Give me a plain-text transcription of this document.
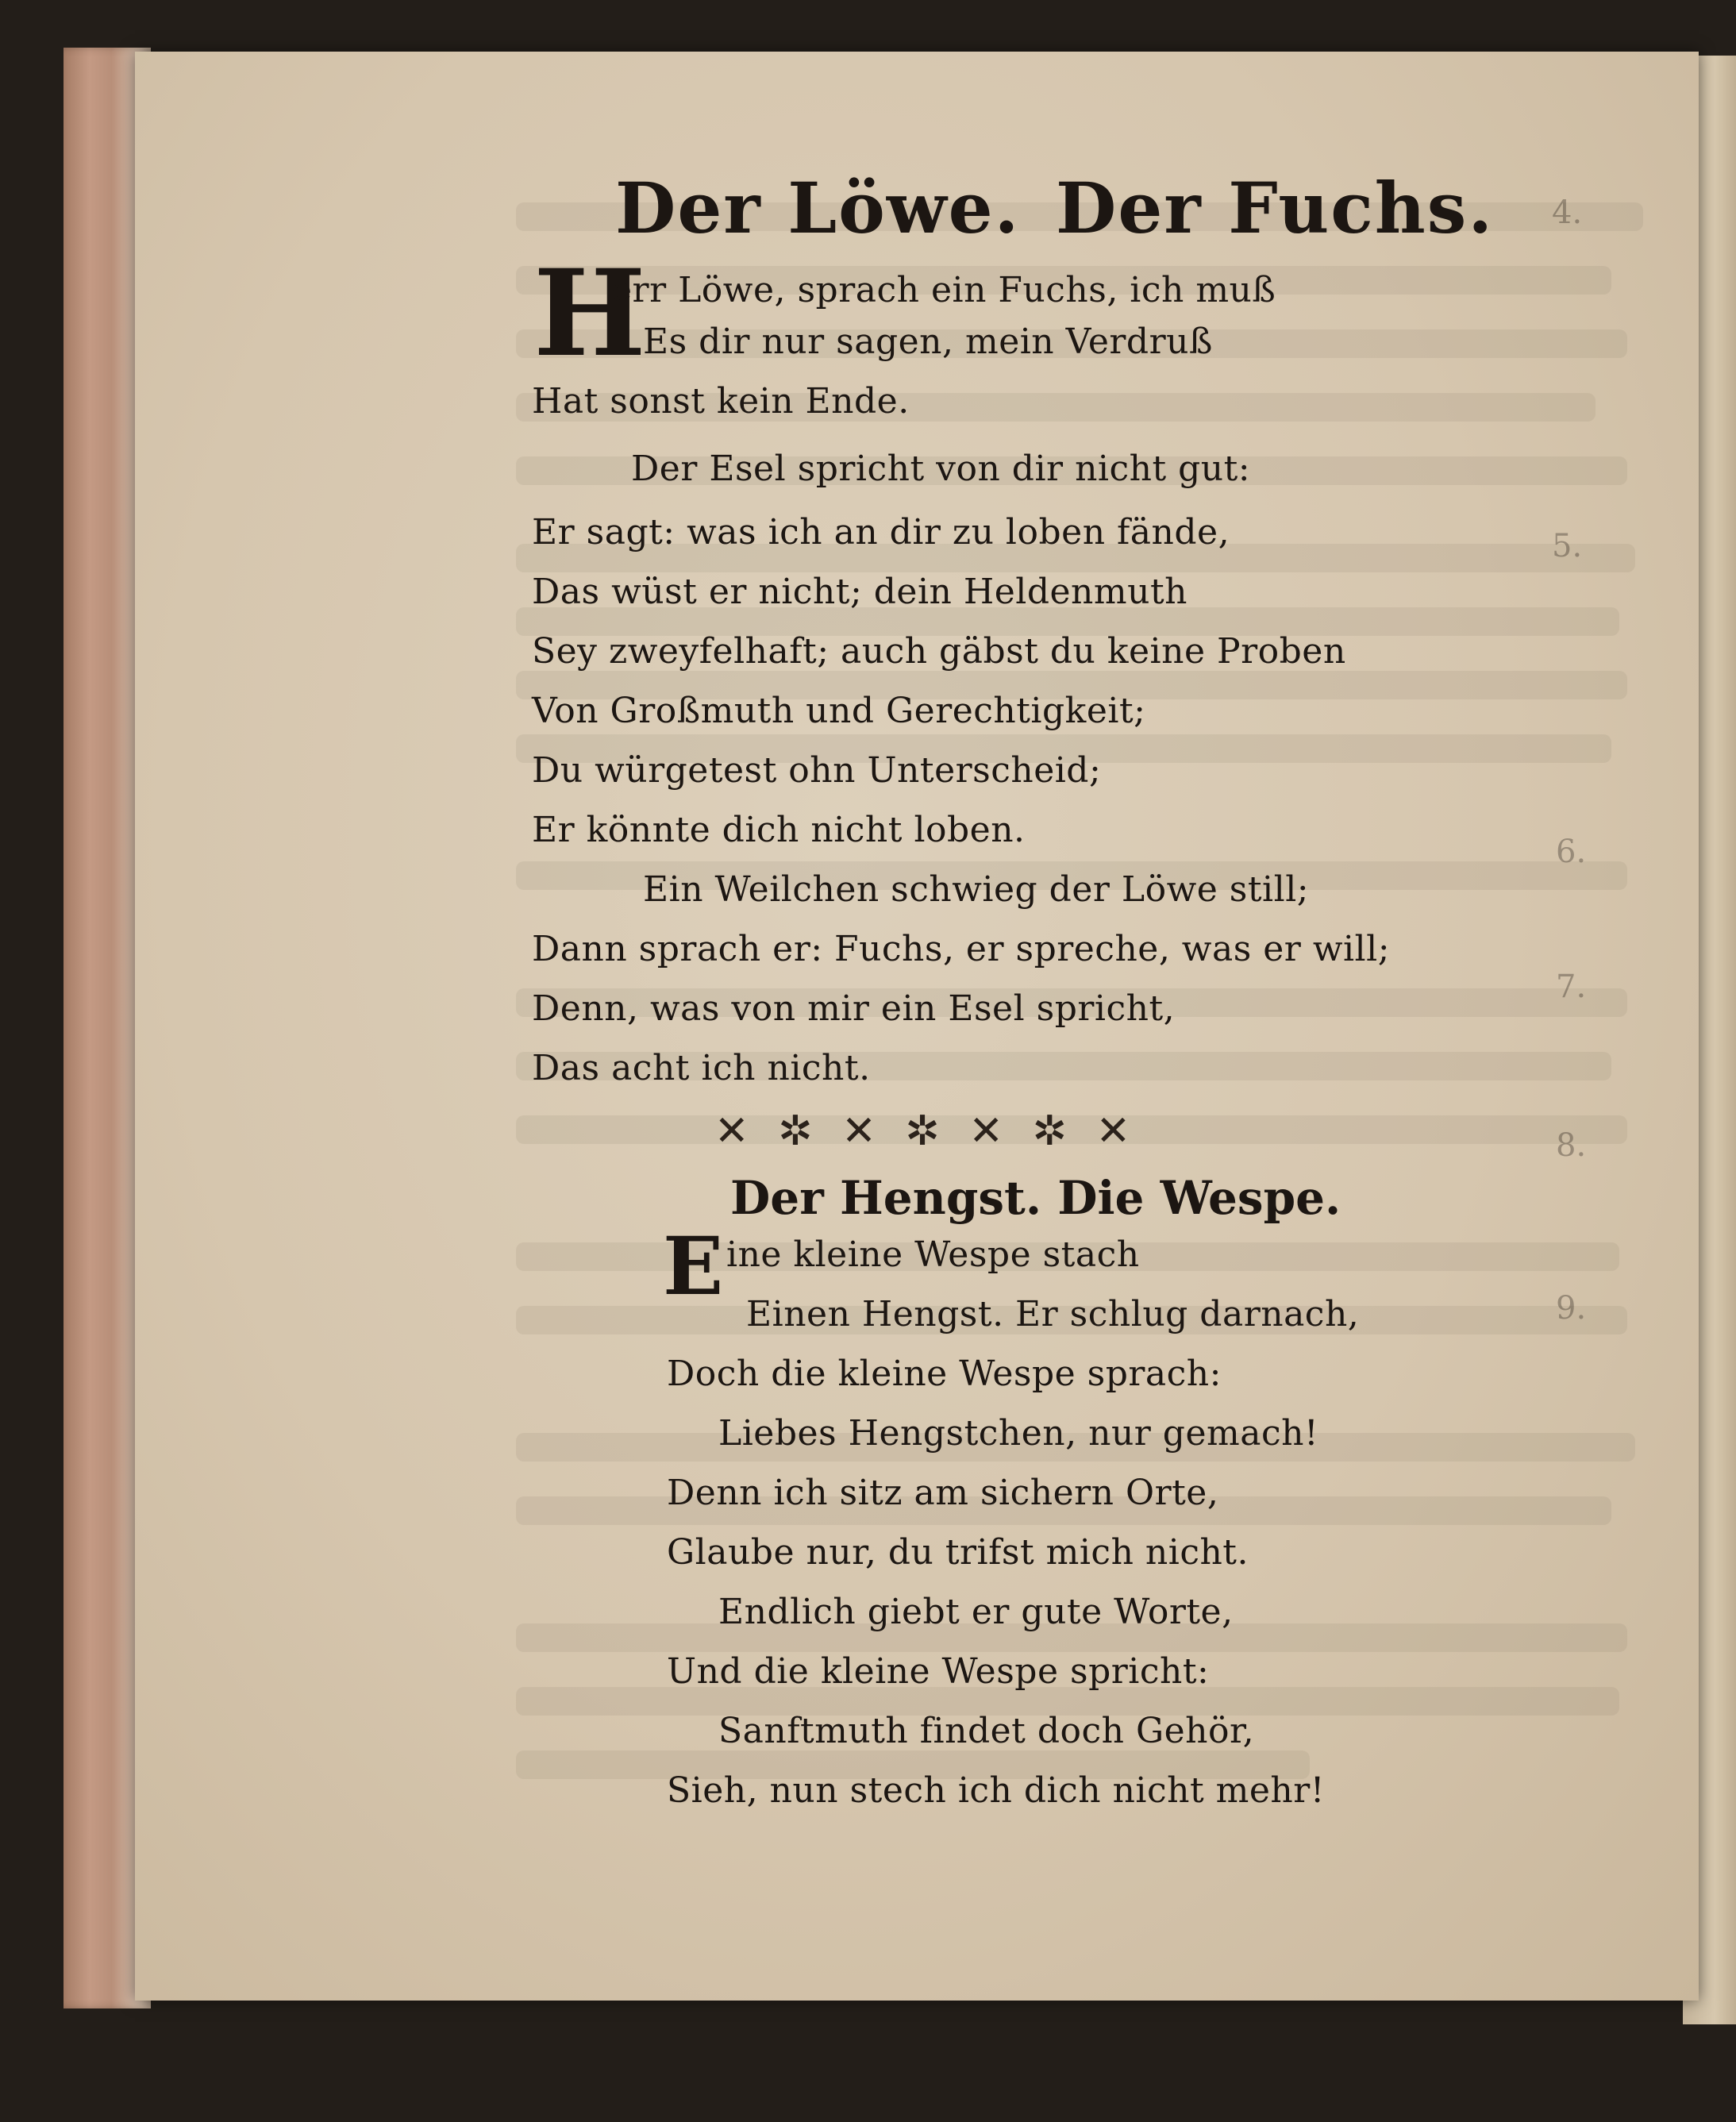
4.
5.
6.
7.
8.
9.
Der Löwe. Der Fuchs.
H
err Löwe, sprach ein Fuchs, ich muß
Es dir nur sagen, mein Verdruß
Hat sonst kein Ende.
Der Esel spricht von dir nicht gut:
Er sagt: was ich an dir zu loben fände,
Das wüst er nicht; dein Heldenmuth
Sey zweyfelhaft; auch gäbst du keine Proben
Von Großmuth und Gerechtigkeit;
Du würgetest ohn Unterscheid;
Er könnte dich nicht loben.
Ein Weilchen schwieg der Löwe still;
Dann sprach er: Fuchs, er spreche, was er will;
Denn, was von mir ein Esel spricht,
Das acht ich nicht.
✕ ✲ ✕ ✲ ✕ ✲ ✕
Der Hengst. Die Wespe.
E ine kleine Wespe stach
Einen Hengst. Er schlug darnach,
Doch die kleine Wespe sprach:
Liebes Hengstchen, nur gemach!
Denn ich sitz am sichern Orte,
Glaube nur, du trifst mich nicht.
Endlich giebt er gute Worte,
Und die kleine Wespe spricht:
Sanftmuth findet doch Gehör,
Sieh, nun stech ich dich nicht mehr!
